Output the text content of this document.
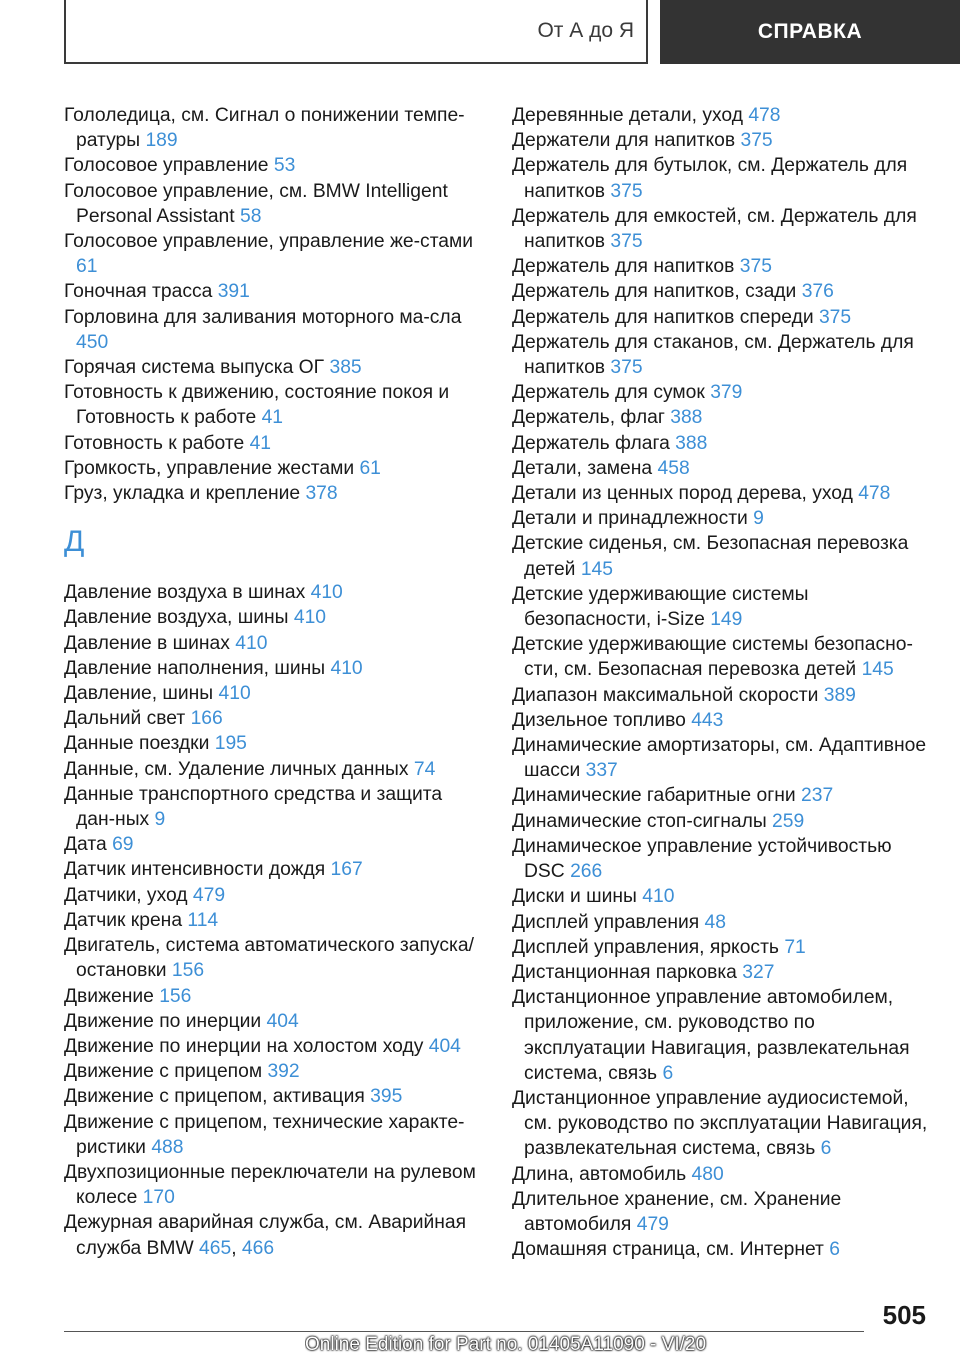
От А до Я	СПРАВКА
Гололедица, см. Сигнал о понижении темпе-ратуры 189
Голосовое управление 53
Голосовое управление, см. BMW Intelligent Personal Assistant 58
Голосовое управление, управление же-стами 61
Гоночная трасса 391
Горловина для заливания моторного ма-сла 450
Горячая система выпуска ОГ 385
Готовность к движению, состояние покоя и Готовность к работе 41
Готовность к работе 41
Громкость, управление жестами 61
Груз, укладка и крепление 378
Д
Давление воздуха в шинах 410
Давление воздуха, шины 410
Давление в шинах 410
Давление наполнения, шины 410
Давление, шины 410
Дальний свет 166
Данные поездки 195
Данные, см. Удаление личных данных 74
Данные транспортного средства и защита дан-ных 9
Дата 69
Датчик интенсивности дождя 167
Датчики, уход 479
Датчик крена 114
Двигатель, система автоматического запуска/ остановки 156
Движение 156
Движение по инерции 404
Движение по инерции на холостом ходу 404
Движение с прицепом 392
Движение с прицепом, активация 395
Движение с прицепом, технические характе-ристики 488
Двухпозиционные переключатели на рулевом колесе 170
Дежурная аварийная служба, см. Аварийная служба BMW 465, 466
Деревянные детали, уход 478
Держатели для напитков 375
Держатель для бутылок, см. Держатель для напитков 375
Держатель для емкостей, см. Держатель для напитков 375
Держатель для напитков 375
Держатель для напитков, сзади 376
Держатель для напитков спереди 375
Держатель для стаканов, см. Держатель для напитков 375
Держатель для сумок 379
Держатель, флаг 388
Держатель флага 388
Детали, замена 458
Детали из ценных пород дерева, уход 478
Детали и принадлежности 9
Детские сиденья, см. Безопасная перевозка детей 145
Детские удерживающие системы безопасности, i-Size 149
Детские удерживающие системы безопасно-сти, см. Безопасная перевозка детей 145
Диапазон максимальной скорости 389
Дизельное топливо 443
Динамические амортизаторы, см. Адаптивное шасси 337
Динамические габаритные огни 237
Динамические стоп-сигналы 259
Динамическое управление устойчивостью DSC 266
Диски и шины 410
Дисплей управления 48
Дисплей управления, яркость 71
Дистанционная парковка 327
Дистанционное управление автомобилем, приложение, см. руководство по эксплуатации Навигация, развлекательная система, связь 6
Дистанционное управление аудиосистемой, см. руководство по эксплуатации Навигация, развлекательная система, связь 6
Длина, автомобиль 480
Длительное хранение, см. Хранение автомобиля 479
Домашняя страница, см. Интернет 6
505
Online Edition for Part no. 01405A11090 - VI/20
